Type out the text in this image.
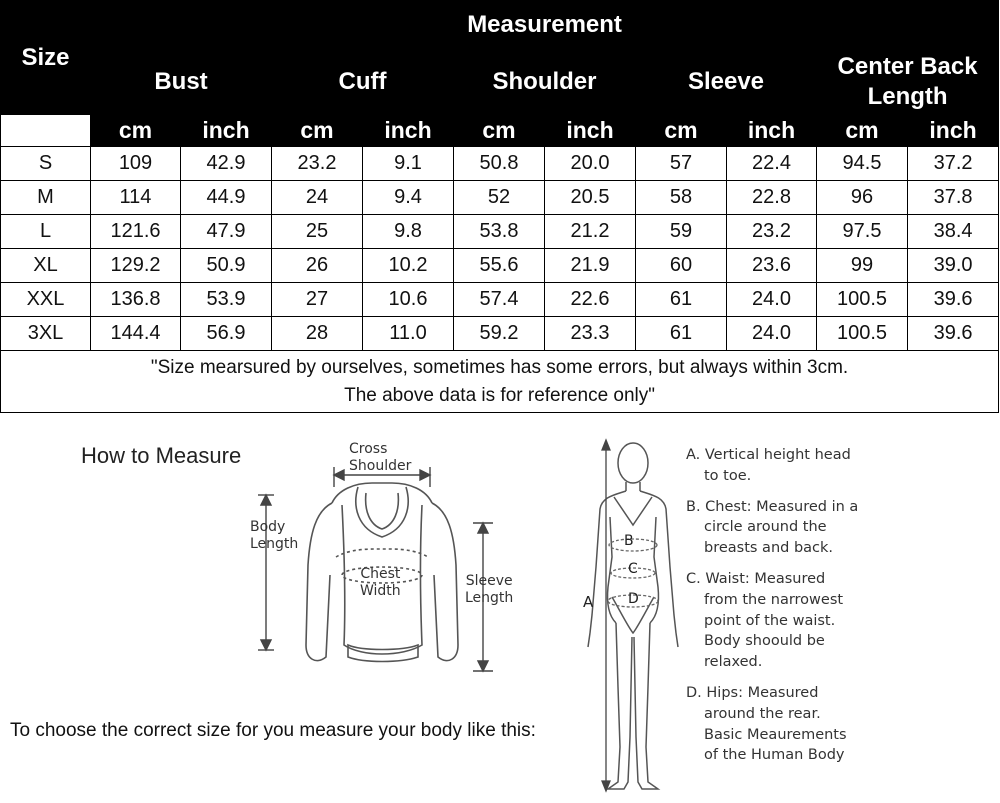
Size	Measurement									
	Bust		Cuff		Shoulder		Sleeve		Center Back Length	
	cm	inch	cm	inch	cm	inch	cm	inch	cm	inch
S	109	42.9	23.2	9.1	50.8	20.0	57	22.4	94.5	37.2
M	114	44.9	24	9.4	52	20.5	58	22.8	96	37.8
L	121.6	47.9	25	9.8	53.8	21.2	59	23.2	97.5	38.4
XL	129.2	50.9	26	10.2	55.6	21.9	60	23.6	99	39.0
XXL	136.8	53.9	27	10.6	57.4	22.6	61	24.0	100.5	39.6
3XL	144.4	56.9	28	11.0	59.2	23.3	61	24.0	100.5	39.6
"Size mearsured by ourselves, sometimes has some errors, but always within 3cm.
The above data is for reference only"										
How to Measure	Cross
Shoulder
Body
Length
Chest
Width
Sleeve
Length
To choose the correct size for you measure your body like this:
B
C
D
A

A. Vertical height head
to toe.

B. Chest: Measured in a
circle around the
breasts and back.

C. Waist: Measured
from the narrowest
point of the waist.
Body shoould be
relaxed.

D. Hips: Measured
around the rear.
Basic Meaurements
of the Human Body
